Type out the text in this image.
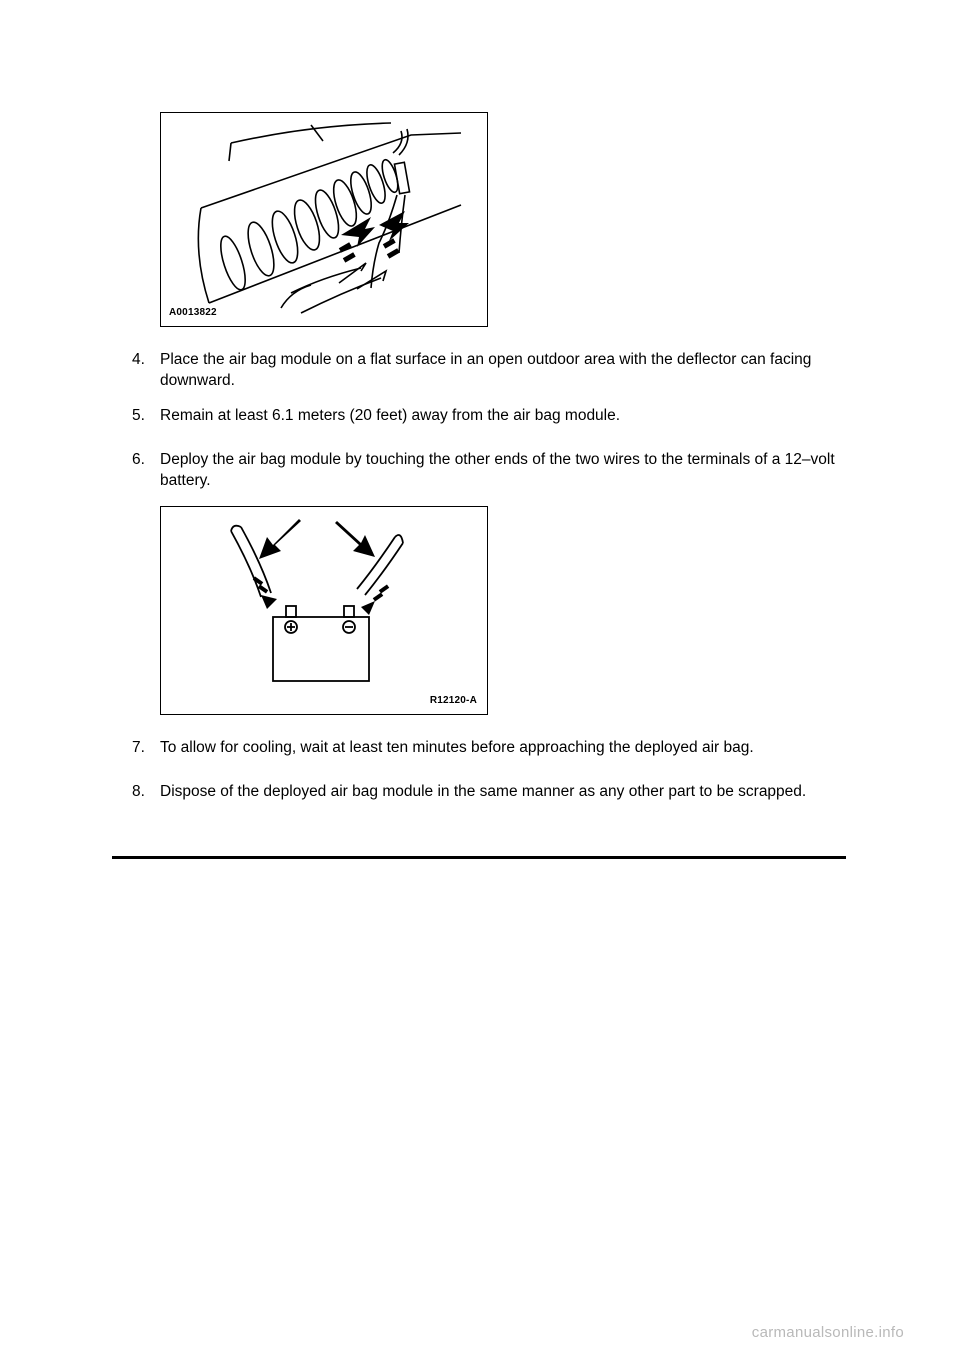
A0013822
4. Place the air bag module on a flat surface in an open outdoor area with the deflector can facing downward.
5. Remain at least 6.1 meters (20 feet) away from the air bag module.
6. Deploy the air bag module by touching the other ends of the two wires to the terminals of a 12–volt battery.
R12120-A
7. To allow for cooling, wait at least ten minutes before approaching the deployed air bag.
8. Dispose of the deployed air bag module in the same manner as any other part to be scrapped.
carmanualsonline.info
